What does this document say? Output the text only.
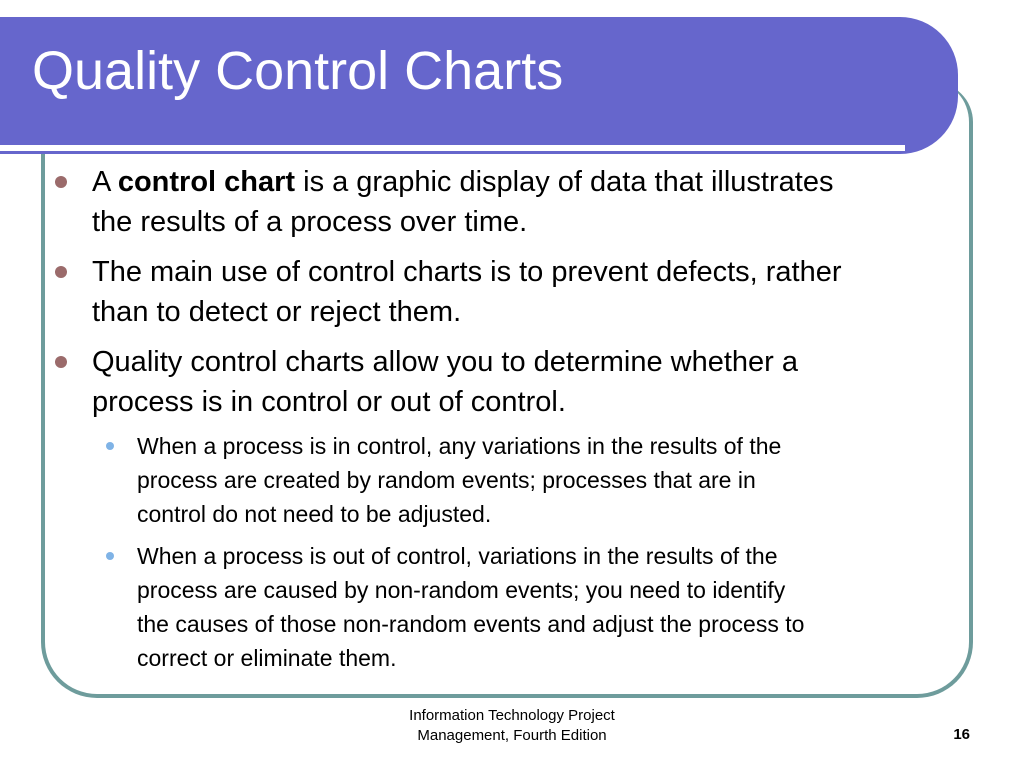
Quality Control Charts
A control chart is a graphic display of data that illustrates
the results of a process over time.
The main use of control charts is to prevent defects, rather
than to detect or reject them.
Quality control charts allow you to determine whether a
process is in control or out of control.
When a process is in control, any variations in the results of the
process are created by random events; processes that are in
control do not need to be adjusted.
When a process is out of control, variations in the results of the
process are caused by non-random events; you need to identify
the causes of those non-random events and adjust the process to
correct or eliminate them.
Information Technology Project
Management, Fourth Edition	16
